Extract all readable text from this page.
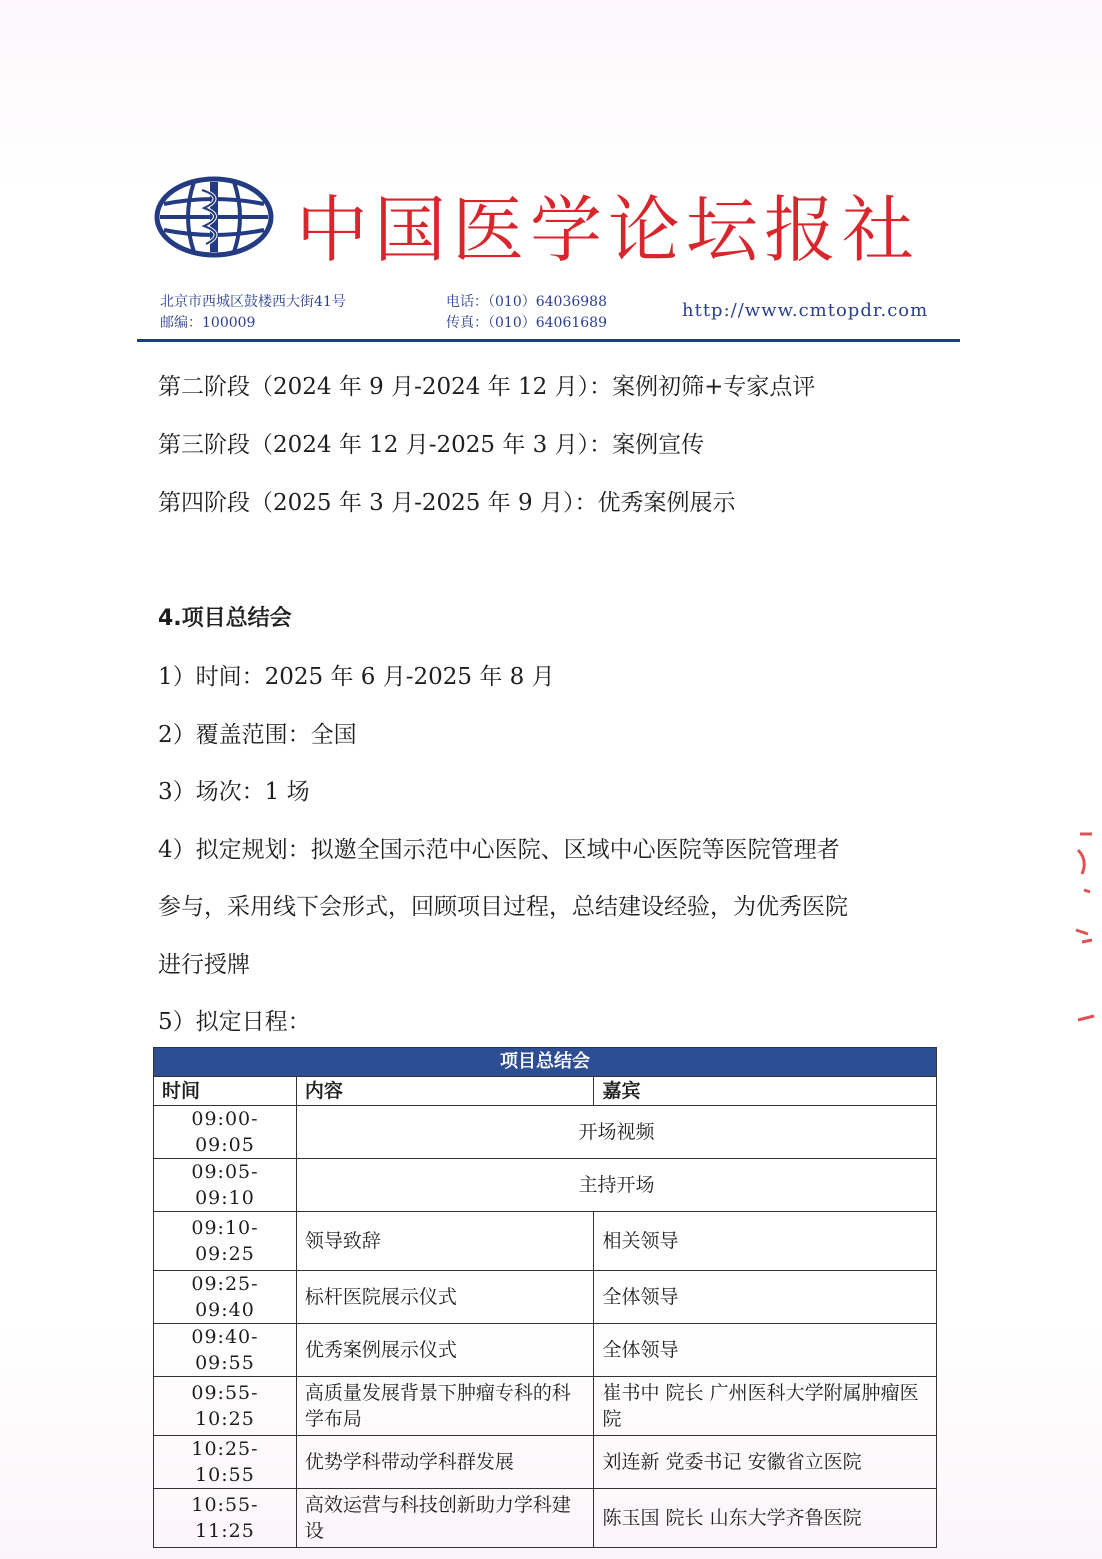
中国医学论坛报社
北京市西城区鼓楼西大街41号
邮编：100009
电话：（010）64036988
传真：（010）64061689
http://www.cmtopdr.com
第二阶段（2024 年 9 月-2024 年 12 月）：案例初筛+专家点评
第三阶段（2024 年 12 月-2025 年 3 月）：案例宣传
第四阶段（2025 年 3 月-2025 年 9 月）：优秀案例展示
4.项目总结会
1）时间：2025 年 6 月-2025 年 8 月
2）覆盖范围：全国
3）场次：1 场
4）拟定规划：拟邀全国示范中心医院、区域中心医院等医院管理者
参与，采用线下会形式，回顾项目过程，总结建设经验，为优秀医院
进行授牌
5）拟定日程：
项目总结会		
时间	内容	嘉宾
09:00-09:05	开场视频	
09:05-09:10	主持开场	
09:10-09:25	领导致辞	相关领导
09:25-09:40	标杆医院展示仪式	全体领导
09:40-09:55	优秀案例展示仪式	全体领导
09:55-10:25	高质量发展背景下肿瘤专科的科学布局	崔书中 院长 广州医科大学附属肿瘤医院
10:25-10:55	优势学科带动学科群发展	刘连新 党委书记 安徽省立医院
10:55-11:25	高效运营与科技创新助力学科建设	陈玉国 院长 山东大学齐鲁医院
